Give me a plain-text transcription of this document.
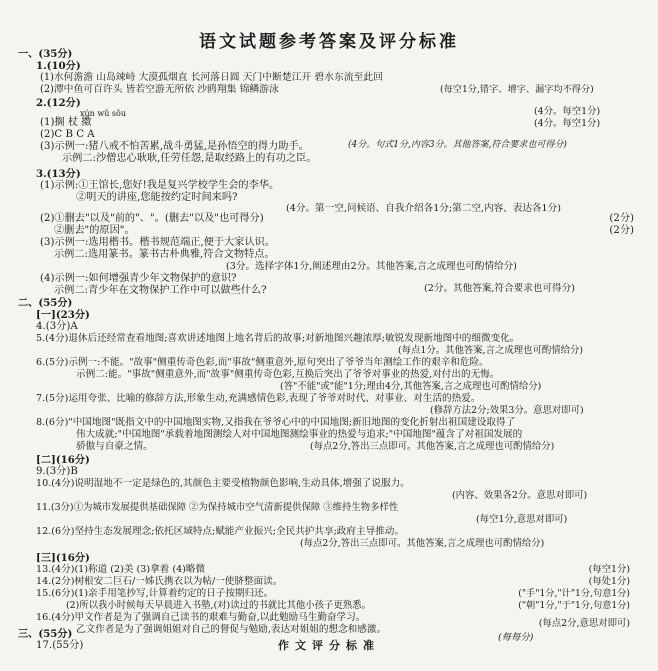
语文试题参考答案及评分标准
一、(35分)
1.(10分)
(1)水何澹澹 山岛竦峙 大漠孤烟直 长河落日圆 天门中断楚江开 碧水东流至此回
(2)潭中鱼可百许头 皆若空游无所依 沙鸥翔集 锦鳞游泳	(每空1分,错字、增字、漏字均不得分)
2.(12分)
xún wǔ sǒu
(1)搁 杖 擞
(4分。每空1分)
(2)C B C A
(4分。每空1分)
(3)示例一:猪八戒不怕苦累,战斗勇猛,是孙悟空的得力助手。
示例二:沙僧忠心耿耿,任劳任怨,是取经路上的有功之臣。
(4分。句式1分,内容3分。其他答案,符合要求也可得分)
3.(13分)
(1)示例:①王馆长,您好!我是复兴学校学生会的李华。
②明天的讲座,您能按约定时间来吗?
(4分。第一空,问候语、自我介绍各1分;第二空,内容、表达各1分)
(2)①删去"以及"前的"、"。(删去"以及"也可得分)	(2分)
②删去"的原因"。	(2分)
(3)示例一:选用楷书。楷书规范端正,便于大家认识。
示例二:选用篆书。篆书古朴典雅,符合文物特点。
(3分。选择字体1分,阐述理由2分。其他答案,言之成理也可酌情给分)
(4)示例一:如何增强青少年文物保护的意识?
示例二:青少年在文物保护工作中可以做些什么?	(2分。其他答案,符合要求也可得分)
二、(55分)
[一](23分)
4.(3分)A
5.(4分)退休后还经常查看地图;喜欢讲述地图上地名背后的故事;对新地图兴趣浓厚;敏锐发现新地图中的细微变化。
(每点1分。其他答案,言之成理也可酌情给分)
6.(5分)示例一:不能。"故事"侧重传奇色彩,而"事故"侧重意外,原句突出了爷爷当年测绘工作的艰辛和危险。
示例二:能。"事故"侧重意外,而"故事"侧重传奇色彩,互换后突出了爷爷对事业的热爱,对付出的无悔。
(答"不能"或"能"1分;理由4分,其他答案,言之成理也可酌情给分)
7.(5分)运用夸张、比喻的修辞方法,形象生动,充满感情色彩,表现了爷爷对时代、对事业、对生活的热爱。
(修辞方法2分;效果3分。意思对即可)
8.(6分)"中国地图"既指文中的中国地图实物,又指我在爷爷心中的中国地图;新旧地图的变化折射出祖国建设取得了
伟大成就;"中国地图"承载着地图测绘人对中国地图测绘事业的热爱与追求;"中国地图"蕴含了对祖国发展的
骄傲与自豪之情。	(每点2分,答出三点即可。其他答案,言之成理也可酌情给分)
[二](16分)
9.(3分)B
10.(4分)说明湿地不一定是绿色的,其颜色主要受植物颜色影响,生动具体,增强了说服力。
(内容、效果各2分。意思对即可)
11.(3分)①为城市发展提供基础保障 ②为保持城市空气清新提供保障 ③维持生物多样性
(每空1分,意思对即可)
12.(6分)坚持生态发展理念;依托区域特点;赋能产业振兴;全民共护共享;政府主导推动。
(每点2分,答出三点即可。其他答案,言之成理也可酌情给分)
[三](16分)
13.(4分)(1)称道 (2)美 (3)拿着 (4)略微	(每空1分)
14.(2分)树根安二巨石/一姊氏携衣以为帖/一使脐整面读。	(每处1分)
15.(6分)(1)亲手用笔抄写,计算着约定的日子按期归还。	("手"1分,"计"1分,句意1分)
(2)所以我小时候每天早晨进入书塾,(对)读过的书就比其他小孩子更熟悉。	("朝"1分,"于"1分,句意1分)
16.(4分)甲文作者是为了强调自己读书的艰难与勤奋,以此勉励马生勤奋学习。
乙文作者是为了强调姐姐对自己的督促与勉励,表达对姐姐的想念和感激。
(每点2分,意思对即可)
三、(55分)
17.(55分)
(每每分)
作文评分标准
